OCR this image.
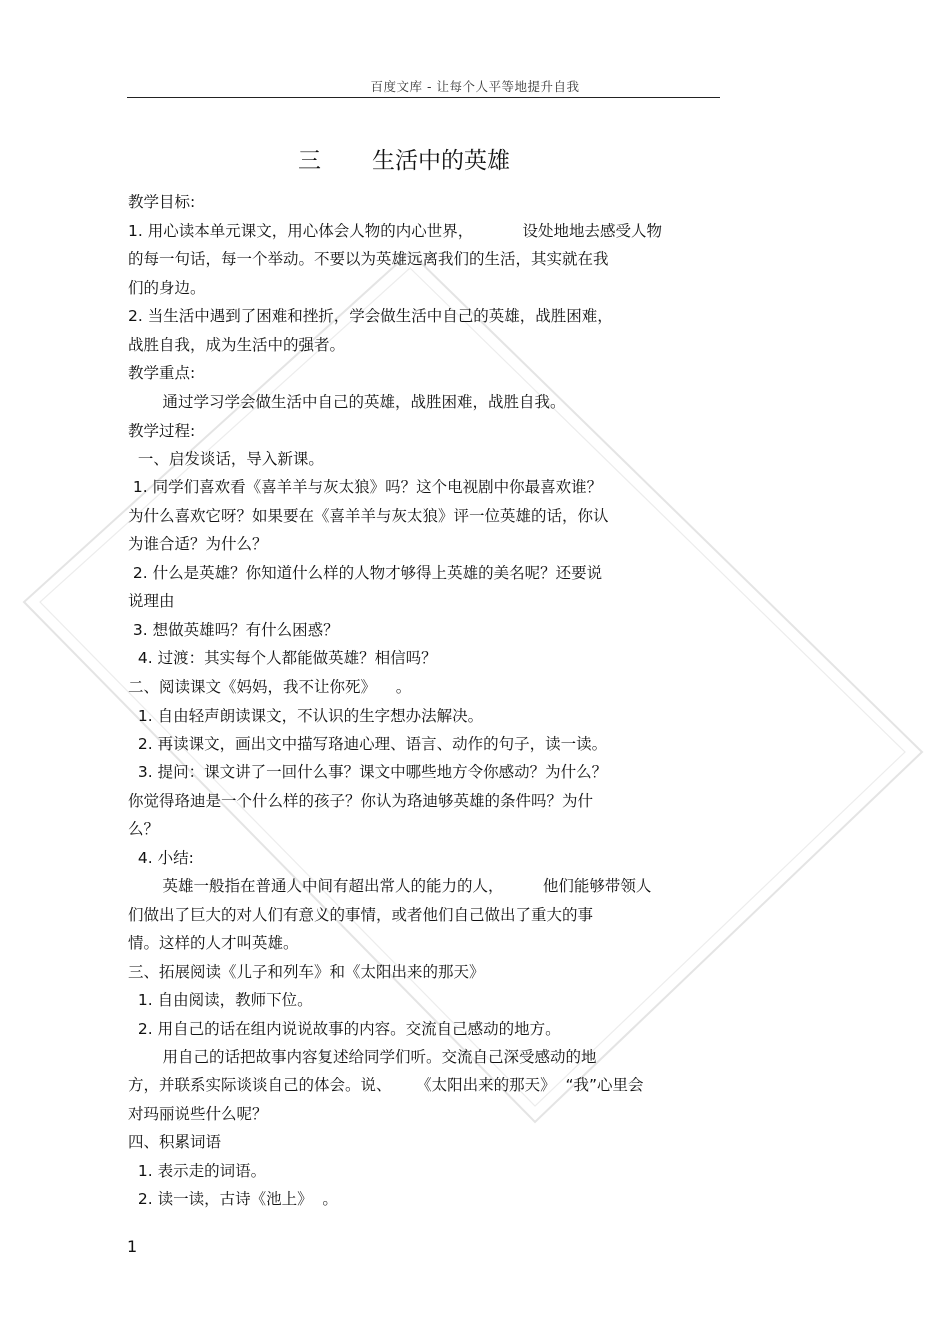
百度文库 - 让每个人平等地提升自我
三 生活中的英雄
教学目标:
1. 用心读本单元课文，用心体会人物的内心世界，          设处地地去感受人物
的每一句话，每一个举动。不要以为英雄远离我们的生活，其实就在我
们的身边。
2. 当生活中遇到了困难和挫折，学会做生活中自己的英雄，战胜困难，
战胜自我，成为生活中的强者。
教学重点:
通过学习学会做生活中自己的英雄，战胜困难，战胜自我。
教学过程:
一、启发谈话，导入新课。
1. 同学们喜欢看《喜羊羊与灰太狼》吗？这个电视剧中你最喜欢谁？
为什么喜欢它呀？如果要在《喜羊羊与灰太狼》评一位英雄的话，你认
为谁合适？为什么？
2. 什么是英雄？你知道什么样的人物才够得上英雄的美名呢？还要说
说理由
3. 想做英雄吗？有什么困惑？
4. 过渡：其实每个人都能做英雄？相信吗？
二、阅读课文《妈妈，我不让你死》    。
1. 自由轻声朗读课文，不认识的生字想办法解决。
2. 再读课文，画出文中描写珞迪心理、语言、动作的句子，读一读。
3. 提问：课文讲了一回什么事？课文中哪些地方令你感动？为什么？
你觉得珞迪是一个什么样的孩子？你认为珞迪够英雄的条件吗？为什
么？
4. 小结:
英雄一般指在普通人中间有超出常人的能力的人，        他们能够带领人
们做出了巨大的对人们有意义的事情，或者他们自己做出了重大的事
情。这样的人才叫英雄。
三、拓展阅读《儿子和列车》和《太阳出来的那天》
1. 自由阅读，教师下位。
2. 用自己的话在组内说说故事的内容。交流自己感动的地方。
用自己的话把故事内容复述给同学们听。交流自己深受感动的地
方，并联系实际谈谈自己的体会。说、     《太阳出来的那天》  “我”心里会
对玛丽说些什么呢？
四、积累词语
1. 表示走的词语。
2. 读一读，古诗《池上》  。
1
